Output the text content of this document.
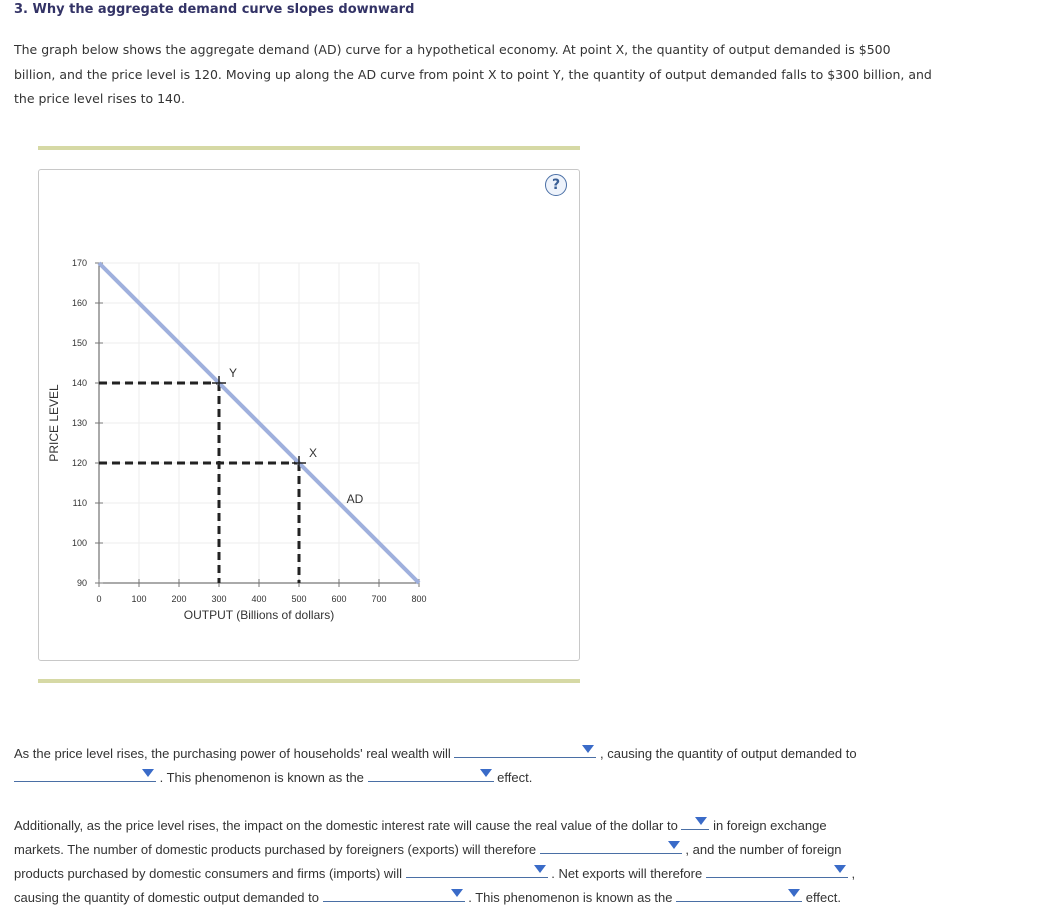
3. Why the aggregate demand curve slopes downward

The graph below shows the aggregate demand (AD) curve for a hypothetical economy. At point X, the quantity of output demanded is $500 billion, and the price level is 120. Moving up along the AD curve from point X to point Y, the quantity of output demanded falls to $300 billion, and the price level rises to 140.

?
90
100
110
120
130
140
150
160
170
0	100	200	300	400	500	600	700	800
OUTPUT (Billions of dollars)
PRICE LEVEL
AD
Y
X
As the price level rises, the purchasing power of households' real wealth will	, causing the quantity of output demanded to
. This phenomenon is known as the	effect.
Additionally, as the price level rises, the impact on the domestic interest rate will cause the real value of the dollar to	in foreign exchange
markets. The number of domestic products purchased by foreigners (exports) will therefore	, and the number of foreign
products purchased by domestic consumers and firms (imports) will	. Net exports will therefore	,
causing the quantity of domestic output demanded to	. This phenomenon is known as the	effect.
